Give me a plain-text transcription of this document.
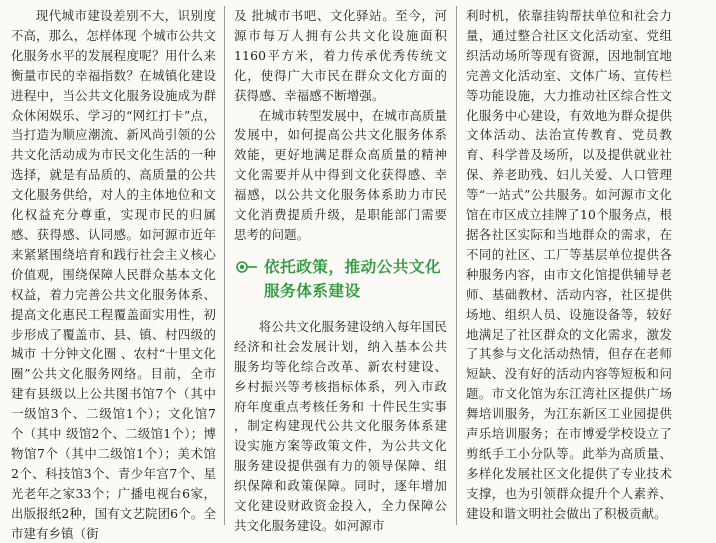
现代城市建设差别不大，识别度不高，那么，怎样体现 个城市公共文化服务水平的发展程度呢？用什么来衡量市民的幸福指数？在城镇化建设进程中，当公共文化服务设施成为群众休闲娱乐、学习的“网红打卡”点，当打造为顺应潮流、新风尚引领的公共文化活动成为市民文化生活的一种选择，就是有品质的、高质量的公共文化服务供给，对人的主体地位和文化权益充分尊重，实现市民的归属感、获得感、认同感。如河源市近年来紧紧围绕培育和践行社会主义核心价值观，围绕保障人民群众基本文化权益，着力完善公共文化服务体系、提高文化惠民工程覆盖面实用性，初步形成了覆盖市、县、镇、村四级的城市 十分钟文化圈 、农村“十里文化圈”公共文化服务网络。目前，全市建有县级以上公共图书馆7个（其中一级馆3个、二级馆1个）；文化馆7个（其中 级馆2个、二级馆1个）；博物馆7个（其中二级馆1个）；美术馆2个、科技馆3个、青少年宫7个、星光老年之家33个；广播电视台6家，出版报纸2种，国有文艺院团6个。全市建有乡镇（街

及 批城市书吧、文化驿站。至今，河源市每万人拥有公共文化设施面积1160平方米，着力传承优秀传统文化，使得广大市民在群众文化方面的获得感、幸福感不断增强。

在城市转型发展中，在城市高质量发展中，如何提高公共文化服务体系效能，更好地满足群众高质量的精神文化需要并从中得到文化获得感、幸福感，以公共文化服务体系助力市民文化消费提质升级，是职能部门需要思考的问题。

依托政策，推动公共文化服务体系建设

将公共文化服务建设纳入每年国民经济和社会发展计划，纳入基本公共服务均等化综合改革、新农村建设、乡村振兴等考核指标体系，列入市政府年度重点考核任务和 十件民生实事 ，制定构建现代公共文化服务体系建设实施方案等政策文件，为公共文化服务建设提供强有力的领导保障、组织保障和政策保障。同时，逐年增加文化建设财政资金投入，全力保障公共文化服务建设。如河源市

利时机，依靠挂钩帮扶单位和社会力量，通过整合社区文化活动室、党组织活动场所等现有资源，因地制宜地完善文化活动室、文体广场、宣传栏等功能设施，大力推动社区综合性文化服务中心建设，有效地为群众提供文体活动、法治宣传教育、党员教育、科学普及场所，以及提供就业社保、养老助残、妇儿关爱、人口管理等“一站式”公共服务。如河源市文化馆在市区成立挂牌了10个服务点，根据各社区实际和当地群众的需求，在不同的社区、工厂等基层单位提供各种服务内容，由市文化馆提供辅导老师、基础教材、活动内容，社区提供场地、组织人员、设施设备等，较好地满足了社区群众的文化需求，激发了其参与文化活动热情，但存在老师短缺、没有好的活动内容等短板和问题。市文化馆为东江湾社区提供广场舞培训服务，为江东新区工业园提供声乐培训服务；在市博爱学校设立了剪纸手工小分队等。此举为高质量、多样化发展社区文化提供了专业技术支撑，也为引领群众提升个人素养、建设和谐文明社会做出了积极贡献。
